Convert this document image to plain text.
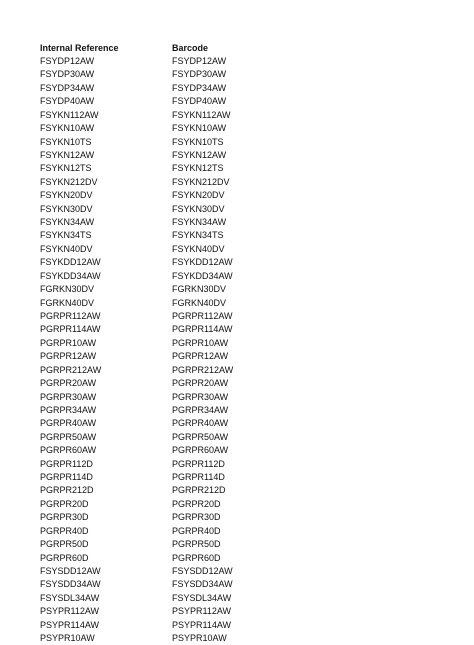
Internal Reference	Barcode
FSYDP12AW	FSYDP12AW
FSYDP30AW	FSYDP30AW
FSYDP34AW	FSYDP34AW
FSYDP40AW	FSYDP40AW
FSYKN112AW	FSYKN112AW
FSYKN10AW	FSYKN10AW
FSYKN10TS	FSYKN10TS
FSYKN12AW	FSYKN12AW
FSYKN12TS	FSYKN12TS
FSYKN212DV	FSYKN212DV
FSYKN20DV	FSYKN20DV
FSYKN30DV	FSYKN30DV
FSYKN34AW	FSYKN34AW
FSYKN34TS	FSYKN34TS
FSYKN40DV	FSYKN40DV
FSYKDD12AW	FSYKDD12AW
FSYKDD34AW	FSYKDD34AW
FGRKN30DV	FGRKN30DV
FGRKN40DV	FGRKN40DV
PGRPR112AW	PGRPR112AW
PGRPR114AW	PGRPR114AW
PGRPR10AW	PGRPR10AW
PGRPR12AW	PGRPR12AW
PGRPR212AW	PGRPR212AW
PGRPR20AW	PGRPR20AW
PGRPR30AW	PGRPR30AW
PGRPR34AW	PGRPR34AW
PGRPR40AW	PGRPR40AW
PGRPR50AW	PGRPR50AW
PGRPR60AW	PGRPR60AW
PGRPR112D	PGRPR112D
PGRPR114D	PGRPR114D
PGRPR212D	PGRPR212D
PGRPR20D	PGRPR20D
PGRPR30D	PGRPR30D
PGRPR40D	PGRPR40D
PGRPR50D	PGRPR50D
PGRPR60D	PGRPR60D
FSYSDD12AW	FSYSDD12AW
FSYSDD34AW	FSYSDD34AW
FSYSDL34AW	FSYSDL34AW
PSYPR112AW	PSYPR112AW
PSYPR114AW	PSYPR114AW
PSYPR10AW	PSYPR10AW
